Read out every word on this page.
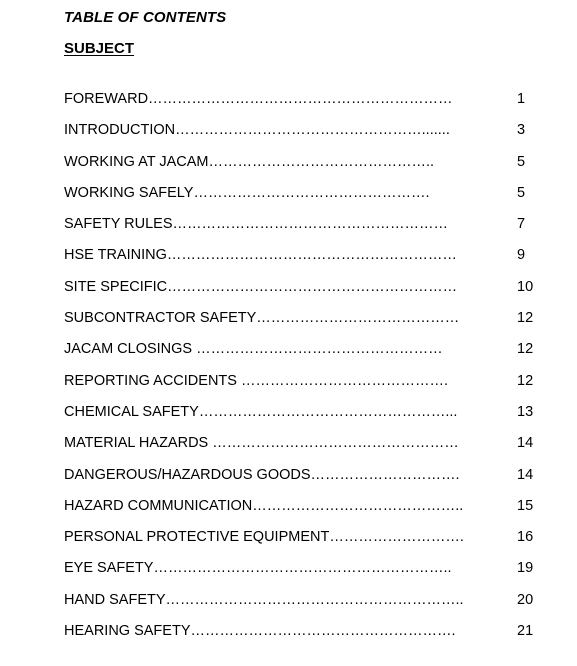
TABLE OF CONTENTS
SUBJECT
FOREWARD………………………………………………………	1
INTRODUCTION…………………………………………….......	3
WORKING AT JACAM………………………………………..	5
WORKING SAFELY………………………………………….	5
SAFETY RULES…………………………………………………	7
HSE TRAINING……………………………………………………	9
SITE SPECIFIC……………………………………………………	10
SUBCONTRACTOR SAFETY……………………………………	12
JACAM CLOSINGS ……………………………………………	12
REPORTING ACCIDENTS …………………………………….	12
CHEMICAL SAFETY……………………………………………...	13
MATERIAL HAZARDS ……………………………………………	14
DANGEROUS/HAZARDOUS GOODS………………………….	14
HAZARD COMMUNICATION……………………………………..	15
PERSONAL PROTECTIVE EQUIPMENT……………………….	16
EYE SAFETY……………………………………………………..	19
HAND SAFETY……………………………………………………..	20
HEARING SAFETY……………………………………………….	21
